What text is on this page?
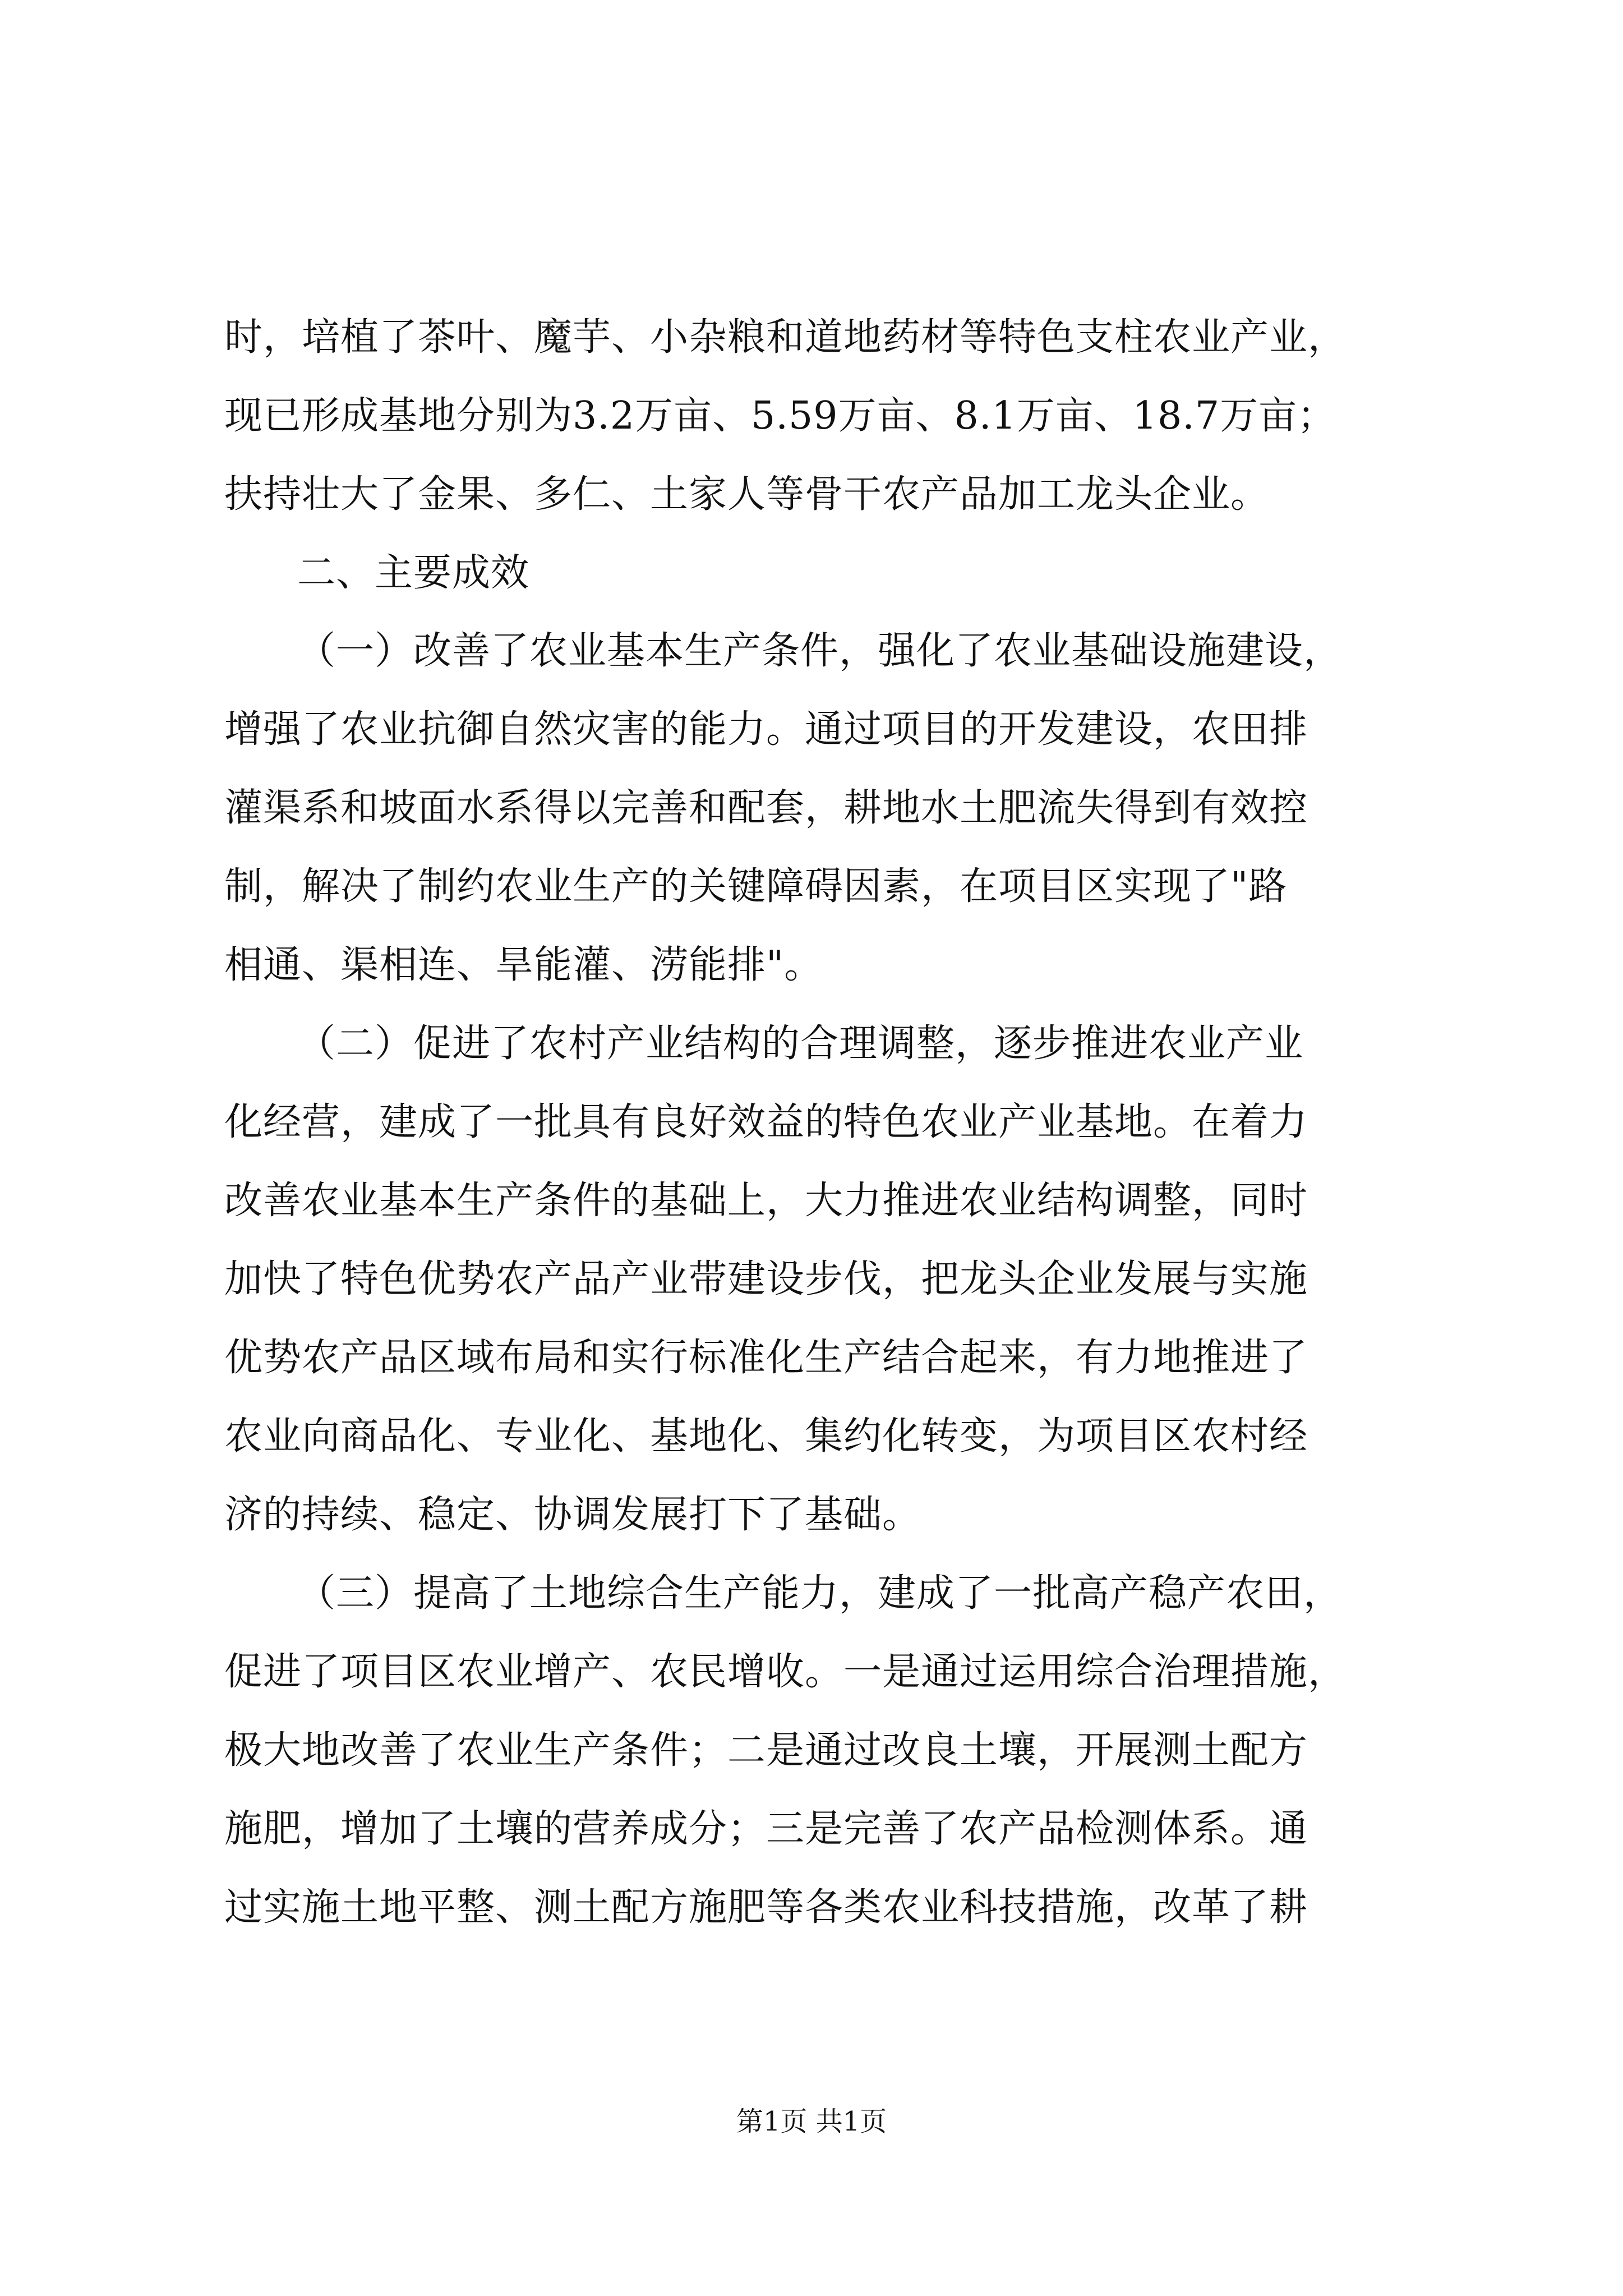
时，培植了茶叶、魔芋、小杂粮和道地药材等特色支柱农业产业，
现已形成基地分别为3.2万亩、5.59万亩、8.1万亩、18.7万亩；
扶持壮大了金果、多仁、土家人等骨干农产品加工龙头企业。
二、主要成效
（一）改善了农业基本生产条件，强化了农业基础设施建设，
增强了农业抗御自然灾害的能力。通过项目的开发建设，农田排
灌渠系和坡面水系得以完善和配套，耕地水土肥流失得到有效控
制，解决了制约农业生产的关键障碍因素，在项目区实现了"路
相通、渠相连、旱能灌、涝能排"。
（二）促进了农村产业结构的合理调整，逐步推进农业产业
化经营，建成了一批具有良好效益的特色农业产业基地。在着力
改善农业基本生产条件的基础上，大力推进农业结构调整，同时
加快了特色优势农产品产业带建设步伐，把龙头企业发展与实施
优势农产品区域布局和实行标准化生产结合起来，有力地推进了
农业向商品化、专业化、基地化、集约化转变，为项目区农村经
济的持续、稳定、协调发展打下了基础。
（三）提高了土地综合生产能力，建成了一批高产稳产农田，
促进了项目区农业增产、农民增收。一是通过运用综合治理措施，
极大地改善了农业生产条件；二是通过改良土壤，开展测土配方
施肥，增加了土壤的营养成分；三是完善了农产品检测体系。通
过实施土地平整、测土配方施肥等各类农业科技措施，改革了耕
第1页 共1页
